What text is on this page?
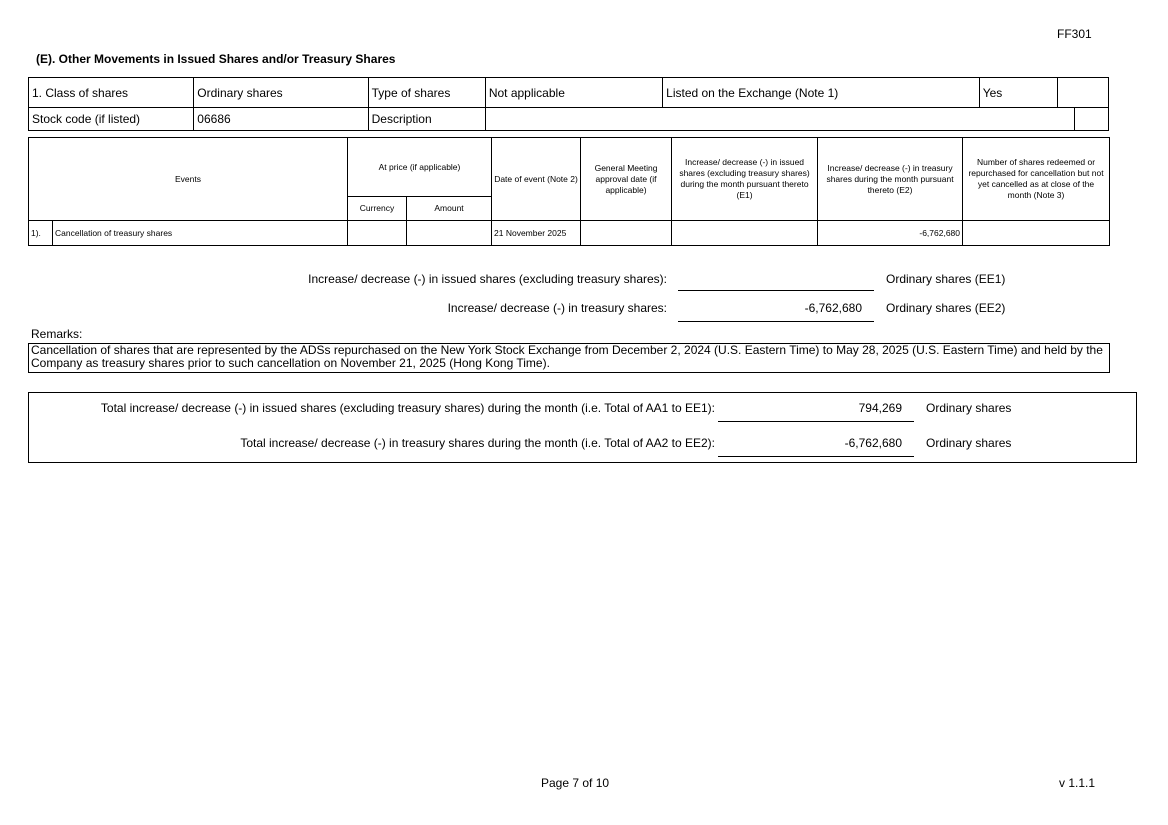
FF301
(E). Other Movements in Issued Shares and/or Treasury Shares
1. Class of shares	Ordinary shares	Type of shares	Not applicable	Listed on the Exchange (Note 1)	Yes		
Stock code (if listed)	06686	Description					
Events		At price (if applicable)		Date of event (Note 2)	General Meeting approval date (if applicable)	Increase/ decrease (-) in issued shares (excluding treasury shares) during the month pursuant thereto (E1)	Increase/ decrease (-) in treasury shares during the month pursuant thereto (E2)	Number of shares redeemed or repurchased for cancellation but not yet cancelled as at close of the month (Note 3)
		Currency	Amount					
1).	Cancellation of treasury shares			21 November 2025			-6,762,680	
Increase/ decrease (-) in issued shares (excluding treasury shares):	Ordinary shares (EE1)
Increase/ decrease (-) in treasury shares:	-6,762,680	Ordinary shares (EE2)
Remarks:
Cancellation of shares that are represented by the ADSs repurchased on the New York Stock Exchange from December 2, 2024 (U.S. Eastern Time) to May 28, 2025 (U.S. Eastern Time) and held by the Company as treasury shares prior to such cancellation on November 21, 2025 (Hong Kong Time).
Total increase/ decrease (-) in issued shares (excluding treasury shares) during the month (i.e. Total of AA1 to EE1):	794,269	Ordinary shares
Total increase/ decrease (-) in treasury shares during the month (i.e. Total of AA2 to EE2):	-6,762,680	Ordinary shares
Page 7 of 10	v 1.1.1
